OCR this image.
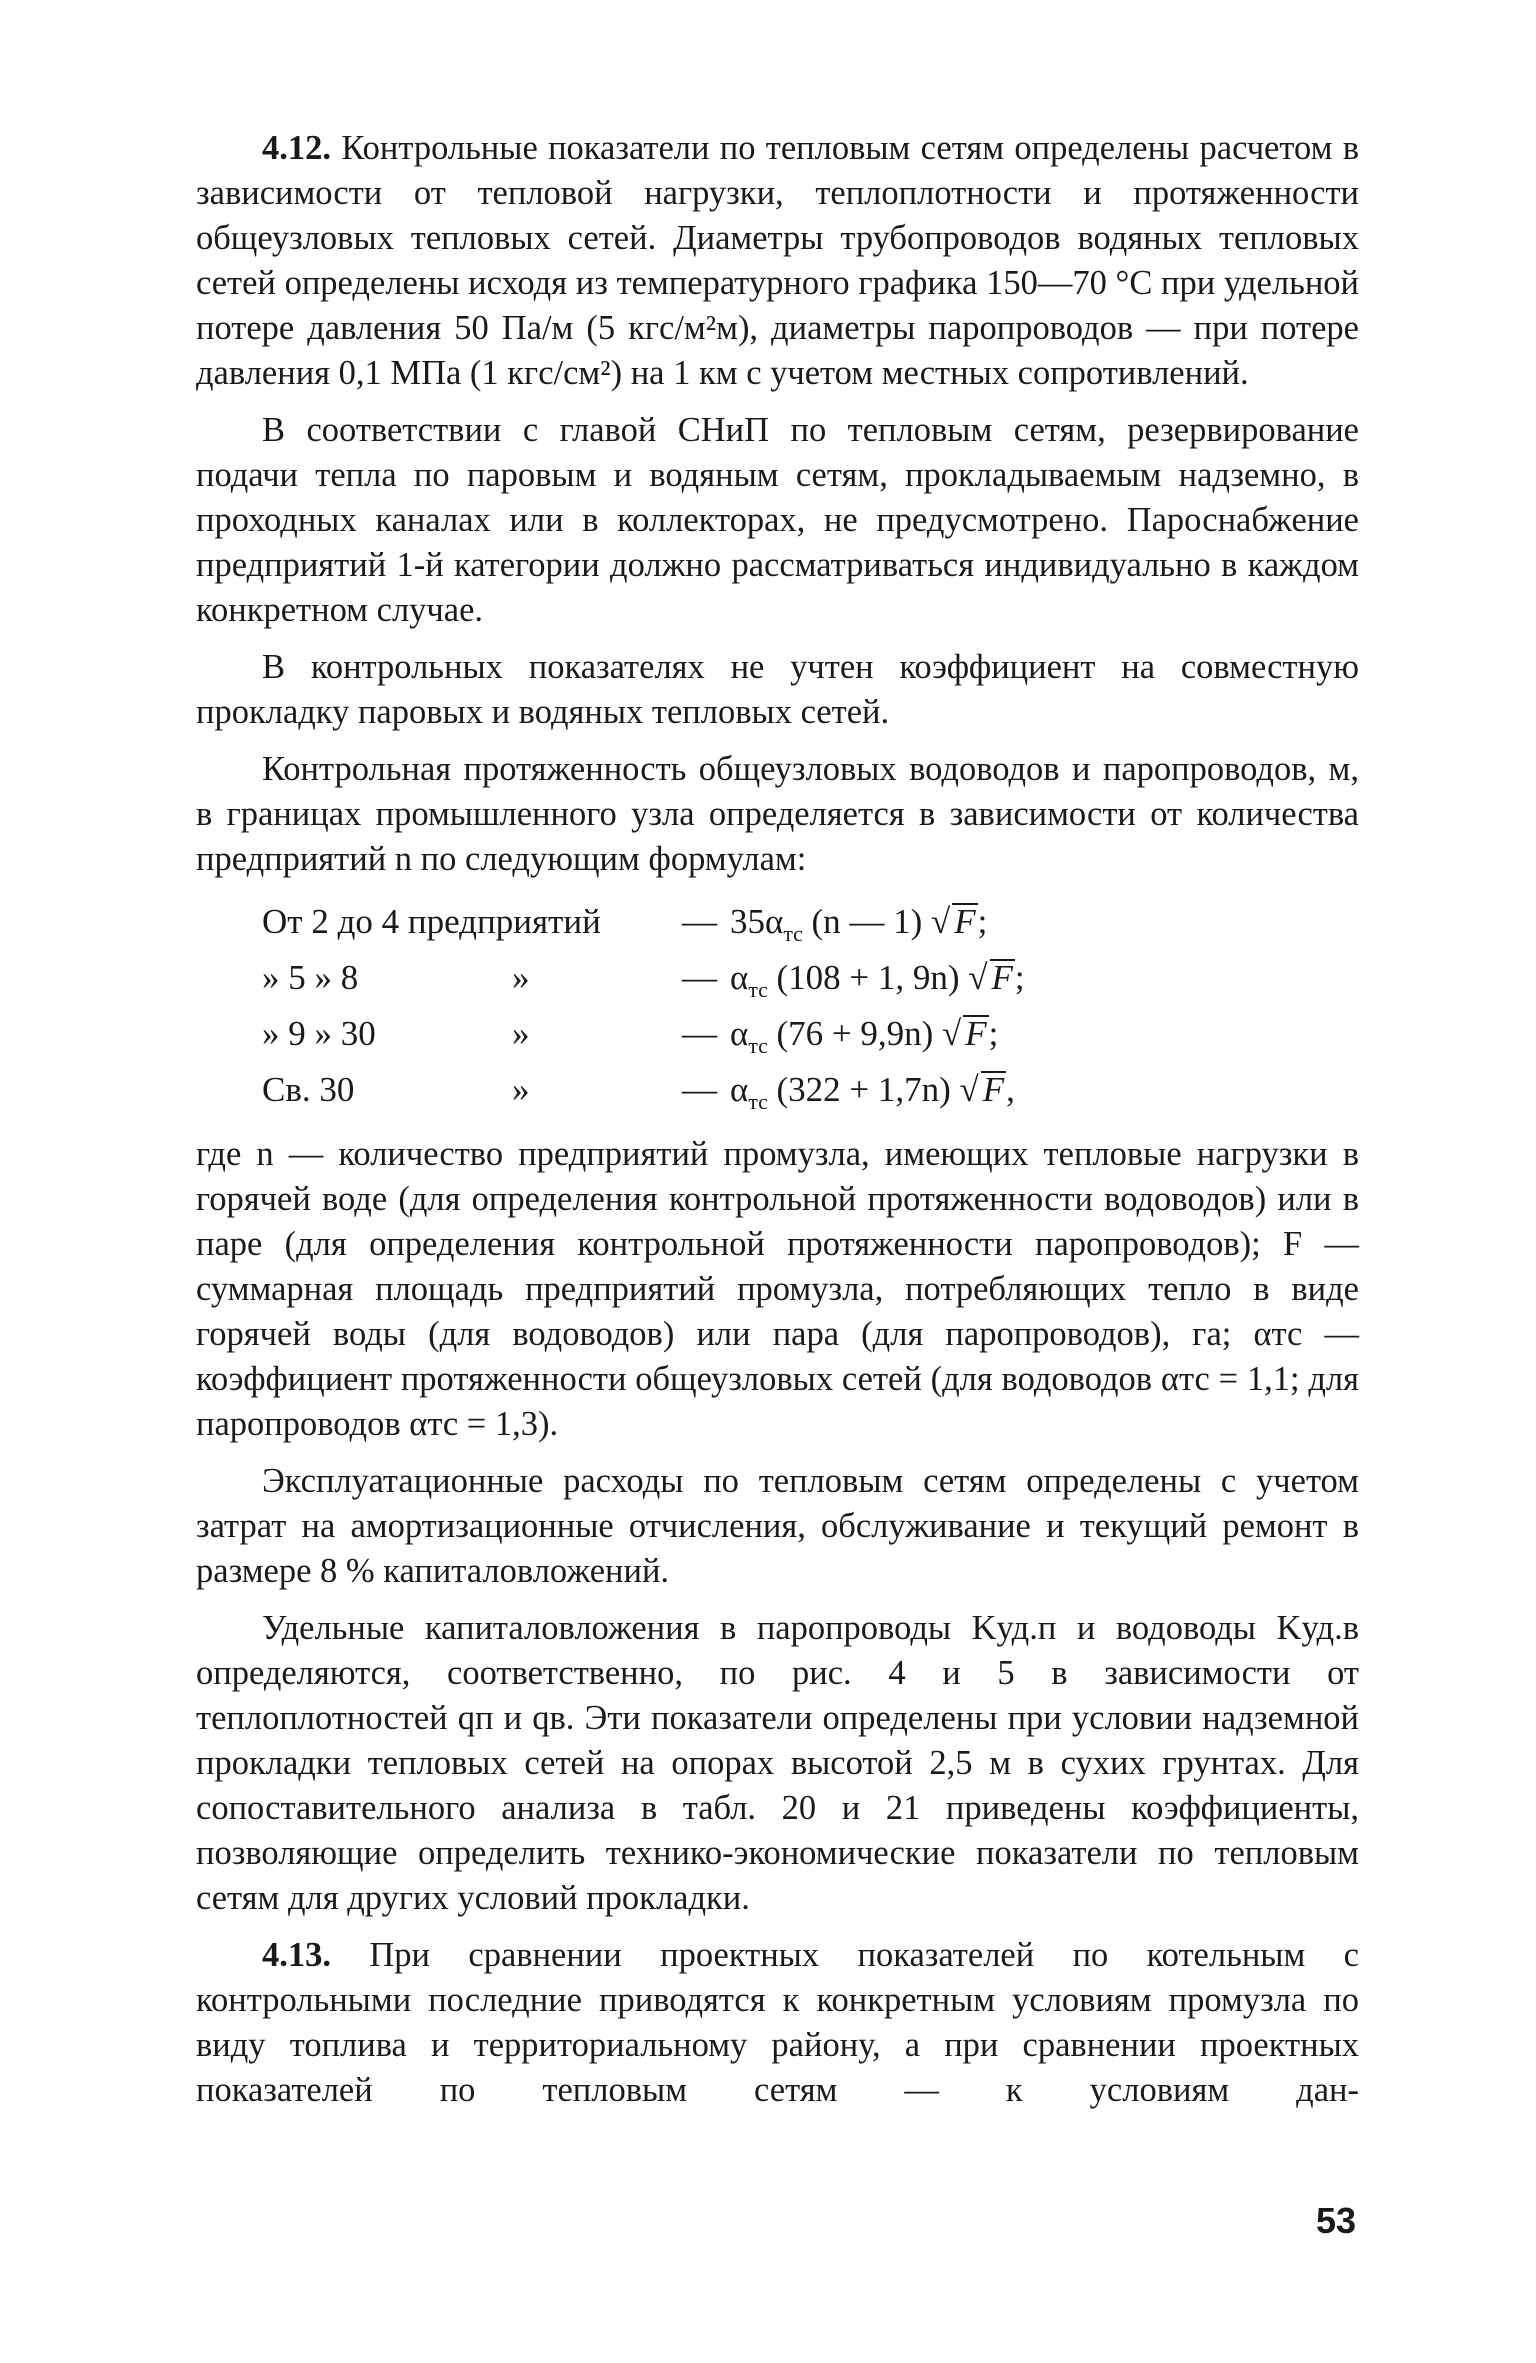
4.12. Контрольные показатели по тепловым сетям определены расчетом в зависимости от тепловой нагрузки, теплоплотности и протяженности общеузловых тепловых сетей. Диаметры трубопроводов водяных тепловых сетей определены исходя из температурного графика 150—70 °С при удельной потере давления 50 Па/м (5 кгс/м²м), диаметры паропроводов — при потере давления 0,1 МПа (1 кгс/см²) на 1 км с учетом местных сопротивлений.

В соответствии с главой СНиП по тепловым сетям, резервирование подачи тепла по паровым и водяным сетям, прокладываемым надземно, в проходных каналах или в коллекторах, не предусмотрено. Пароснабжение предприятий 1-й категории должно рассматриваться индивидуально в каждом конкретном случае.

В контрольных показателях не учтен коэффициент на совместную прокладку паровых и водяных тепловых сетей.

Контрольная протяженность общеузловых водоводов и паропроводов, м, в границах промышленного узла определяется в зависимости от количества предприятий n по следующим формулам:

От 2 до 4 предприятий	— $35\alpha_{тс}$ (n — 1) √ F;
» 5 » 8	»	— $\alpha_{тс}$ (108 + 1, 9n) √ F;
» 9 » 30	»	— $\alpha_{тс}$ (76 + 9,9n) √ F;
Св. 30	»	— $\alpha_{тс}$ (322 + 1,7n) √ F,

где n — количество предприятий промузла, имеющих тепловые нагрузки в горячей воде (для определения контрольной протяженности водоводов) или в паре (для определения контрольной протяженности паропроводов); F — суммарная площадь предприятий промузла, потребляющих тепло в виде горячей воды (для водоводов) или пара (для паропроводов), га; αтс — коэффициент протяженности общеузловых сетей (для водоводов αтс = 1,1; для паропроводов αтс = 1,3).

Эксплуатационные расходы по тепловым сетям определены с учетом затрат на амортизационные отчисления, обслуживание и текущий ремонт в размере 8 % капиталовложений.

Удельные капиталовложения в паропроводы Kуд.п и водоводы Kуд.в определяются, соответственно, по рис. 4 и 5 в зависимости от теплоплотностей qп и qв. Эти показатели определены при условии надземной прокладки тепловых сетей на опорах высотой 2,5 м в сухих грунтах. Для сопоставительного анализа в табл. 20 и 21 приведены коэффициенты, позволяющие определить технико-экономические показатели по тепловым сетям для других условий прокладки.

4.13. При сравнении проектных показателей по котельным с контрольными последние приводятся к конкретным условиям промузла по виду топлива и территориальному району, а при сравнении проектных показателей по тепловым сетям — к условиям дан-

53
